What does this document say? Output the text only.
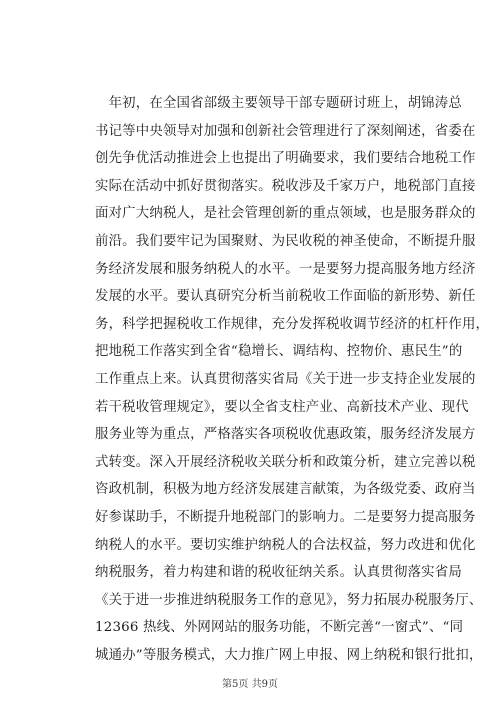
　年初，在全国省部级主要领导干部专题研讨班上，胡锦涛总
书记等中央领导对加强和创新社会管理进行了深刻阐述，省委在
创先争优活动推进会上也提出了明确要求，我们要结合地税工作
实际在活动中抓好贯彻落实。税收涉及千家万户，地税部门直接
面对广大纳税人，是社会管理创新的重点领域，也是服务群众的
前沿。我们要牢记为国聚财、为民收税的神圣使命，不断提升服
务经济发展和服务纳税人的水平。一是要努力提高服务地方经济
发展的水平。要认真研究分析当前税收工作面临的新形势、新任
务，科学把握税收工作规律，充分发挥税收调节经济的杠杆作用，
把地税工作落实到全省“稳增长、调结构、控物价、惠民生”的
工作重点上来。认真贯彻落实省局《关于进一步支持企业发展的
若干税收管理规定》，要以全省支柱产业、高新技术产业、现代
服务业等为重点，严格落实各项税收优惠政策，服务经济发展方
式转变。深入开展经济税收关联分析和政策分析，建立完善以税
咨政机制，积极为地方经济发展建言献策，为各级党委、政府当
好参谋助手，不断提升地税部门的影响力。二是要努力提高服务
纳税人的水平。要切实维护纳税人的合法权益，努力改进和优化
纳税服务，着力构建和谐的税收征纳关系。认真贯彻落实省局
《关于进一步推进纳税服务工作的意见》，努力拓展办税服务厅、
12366 热线、外网网站的服务功能，不断完善“一窗式”、“同
城通办”等服务模式，大力推广网上申报、网上纳税和银行批扣，
第5页 共9页
